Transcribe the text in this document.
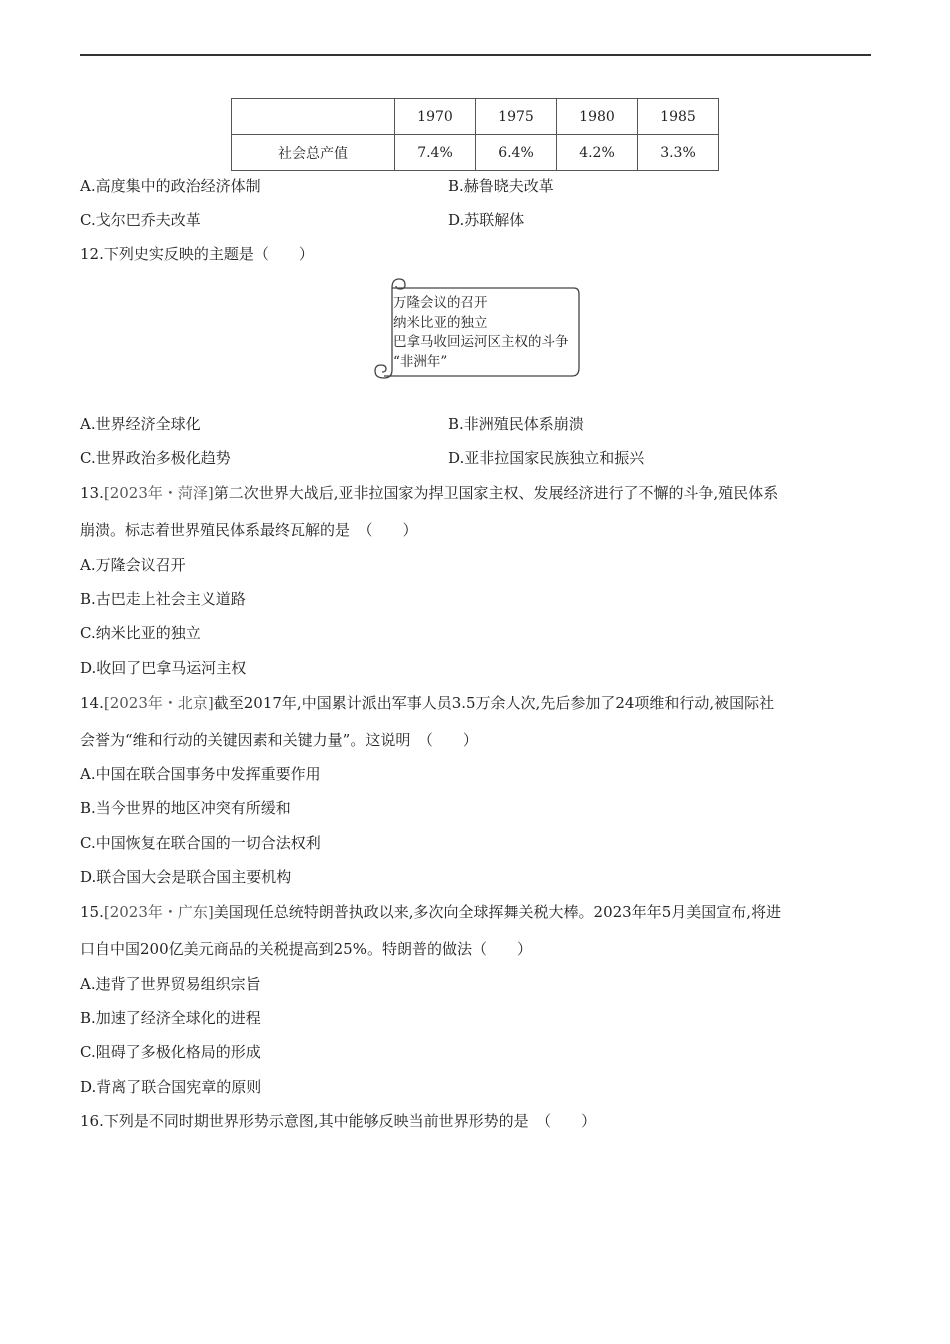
	1970	1975	1980	1985
社会总产值	7.4%	6.4%	4.2%	3.3%
A.高度集中的政治经济体制	B.赫鲁晓夫改革
C.戈尔巴乔夫改革	D.苏联解体
12.下列史实反映的主题是（　　）
万隆会议的召开
纳米比亚的独立
巴拿马收回运河区主权的斗争
“非洲年”
A.世界经济全球化	B.非洲殖民体系崩溃
C.世界政治多极化趋势	D.亚非拉国家民族独立和振兴
13.[2023年・菏泽]第二次世界大战后,亚非拉国家为捍卫国家主权、发展经济进行了不懈的斗争,殖民体系
崩溃。标志着世界殖民体系最终瓦解的是　（　　）
A.万隆会议召开
B.古巴走上社会主义道路
C.纳米比亚的独立
D.收回了巴拿马运河主权
14.[2023年・北京]截至2017年,中国累计派出军事人员3.5万余人次,先后参加了24项维和行动,被国际社
会誉为“维和行动的关键因素和关键力量”。这说明　（　　）
A.中国在联合国事务中发挥重要作用
B.当今世界的地区冲突有所缓和
C.中国恢复在联合国的一切合法权利
D.联合国大会是联合国主要机构
15.[2023年・广东]美国现任总统特朗普执政以来,多次向全球挥舞关税大棒。2023年年5月美国宣布,将进
口自中国200亿美元商品的关税提高到25%。特朗普的做法（　　）
A.违背了世界贸易组织宗旨
B.加速了经济全球化的进程
C.阻碍了多极化格局的形成
D.背离了联合国宪章的原则
16.下列是不同时期世界形势示意图,其中能够反映当前世界形势的是　（　　）
